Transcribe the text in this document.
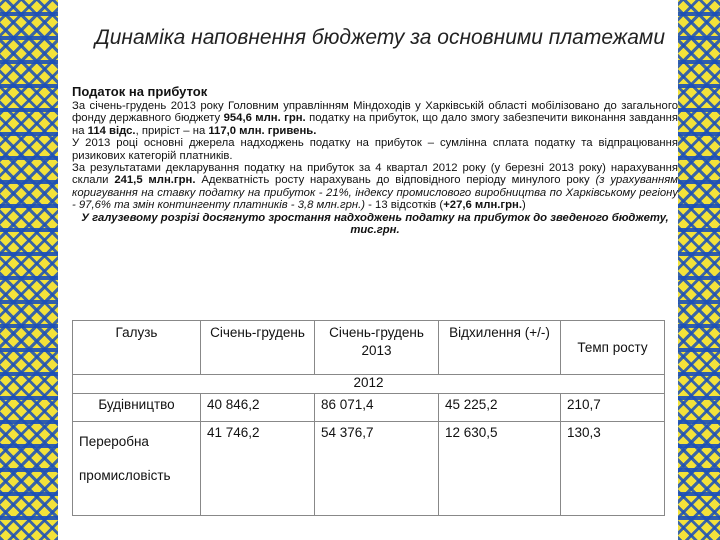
Динаміка наповнення бюджету за основними платежами
Податок на прибуток

За січень-грудень 2013 року Головним управлінням Міндоходів у Харківській області мобілізовано до загального фонду державного бюджету 954,6 млн. грн. податку на прибуток, що дало змогу забезпечити виконання завдання на 114 відс., приріст – на 117,0 млн. гривень.

У 2013 році основні джерела надходжень податку на прибуток – сумлінна сплата податку та відпрацювання ризикових категорій платників.

За результатами декларування податку на прибуток за 4 квартал 2012 року (у березні 2013 року) нарахування склали 241,5 млн.грн. Адекватність росту нарахувань до відповідного періоду минулого року (з урахуванням коригування на ставку податку на прибуток - 21%, індексу промислового виробництва по Харківському регіону - 97,6% та змін контингенту платників - 3,8 млн.грн.) - 13 відсотків (+27,6 млн.грн.)

У галузевому розрізі досягнуто зростання надходжень податку на прибуток до зведеного бюджету, тис.грн.

Галузь	Січень-грудень	Січень-грудень 2013	Відхилення (+/-)	Темп росту
2012				
Будівництво	40 846,2	86 071,4	45 225,2	210,7

Переробна
промисловість	41 746,2	54 376,7	12 630,5	130,3
